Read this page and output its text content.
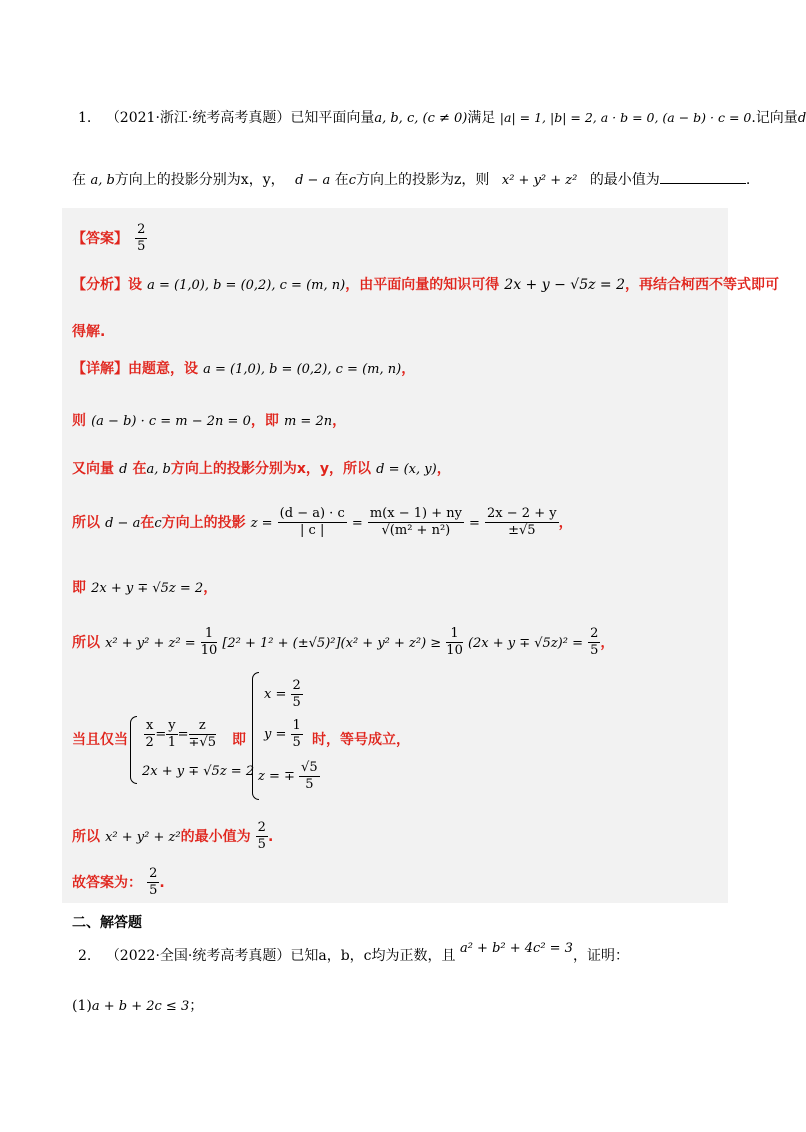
1. （2021·浙江·统考高考真题）已知平面向量a, b, c, (c ≠ 0)满足 |a| = 1, |b| = 2, a · b = 0, (a − b) · c = 0.记向量d
在 a, b方向上的投影分别为x，y， d − a 在c方向上的投影为z，则 x² + y² + z² 的最小值为	.
【答案】 $\frac{2}{5}$
【分析】设 a = (1,0), b = (0,2), c = (m, n)，由平面向量的知识可得 2x + y − √5z = 2，再结合柯西不等式即可
得解.
【详解】由题意，设 a = (1,0), b = (0,2), c = (m, n)，
则 (a − b) · c = m − 2n = 0，即 m = 2n，
又向量 d 在a, b方向上的投影分别为x，y，所以 d = (x, y)，
所以 d − a在c方向上的投影 $z = \frac{(d - a) \cdot c}{| c |} = \frac{m(x - 1) + ny}{\text{√(m² + n²)}} = \frac{2x - 2 + y}{\pm√5}$ ，
即 2x + y ∓ √5z = 2，
所以 $x^2 + y^2 + z^2 = \frac{1}{10} [2^2 + 1^2 + (\pm√5)^2](x^2 + y^2 + z^2) \ge \frac{1}{10} (2x + y \mp √5z)^2 = \frac{2}{5}$ ，
当且仅当 $\frac{x}{2} = \frac{y}{1} = \frac{z}{\mp√5}$
2x + y ∓ √5z = 2
即
$x = \frac{2}{5}$
$y = \frac{1}{5}$
z = ∓ $\frac{√5}{5}$
时，等号成立，
所以 x² + y² + z²的最小值为 $\frac{2}{5}$ .
故答案为： $\frac{2}{5}$ .
二、解答题
2. （2022·全国·统考高考真题）已知a，b，c均为正数，且 a² + b² + 4c² = 3，证明：
(1)a + b + 2c ≤ 3；
